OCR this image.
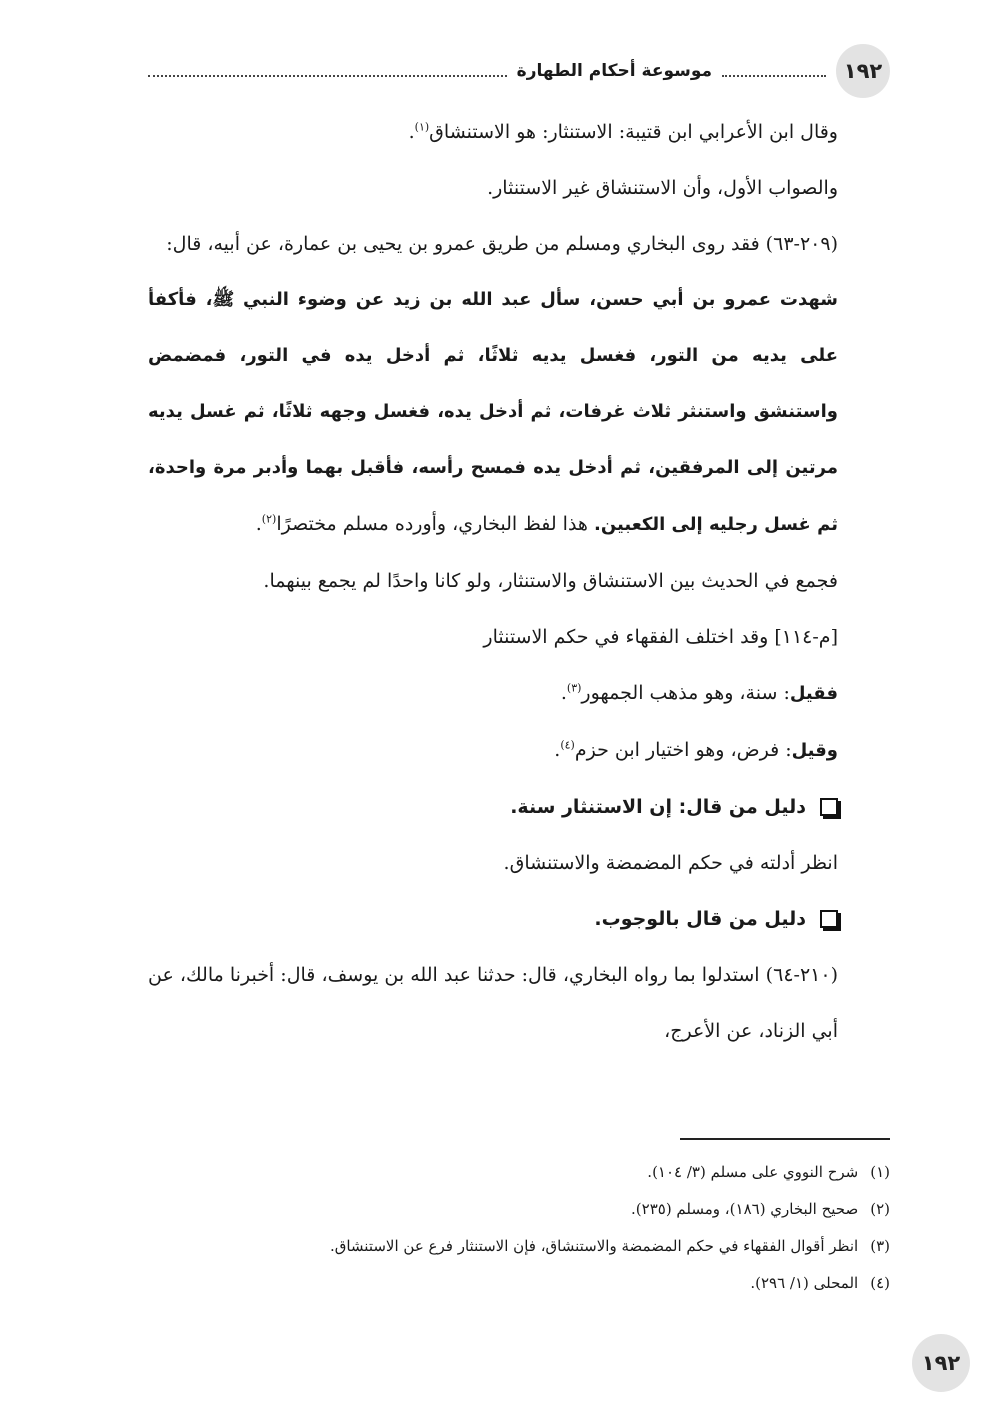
١٩٢
موسوعة أحكام الطهارة

وقال ابن الأعرابي ابن قتيبة: الاستنثار: هو الاستنشاق$^{(١)}$.

والصواب الأول، وأن الاستنشاق غير الاستنثار.

(٢٠٩-٦٣) فقد روى البخاري ومسلم من طريق عمرو بن يحيى بن عمارة، عن أبيه، قال:

شهدت عمرو بن أبي حسن، سأل عبد الله بن زيد عن وضوء النبي ﷺ، فأكفأ على يديه من التور، فغسل يديه ثلاثًا، ثم أدخل يده في التور، فمضمض واستنشق واستنثر ثلاث غرفات، ثم أدخل يده، فغسل وجهه ثلاثًا، ثم غسل يديه مرتين إلى المرفقين، ثم أدخل يده فمسح رأسه، فأقبل بهما وأدبر مرة واحدة، ثم غسل رجليه إلى الكعبين. هذا لفظ البخاري، وأورده مسلم مختصرًا$^{(٢)}$.

فجمع في الحديث بين الاستنشاق والاستنثار، ولو كانا واحدًا لم يجمع بينهما.

[م-١١٤] وقد اختلف الفقهاء في حكم الاستنثار

فقيل: سنة، وهو مذهب الجمهور$^{(٣)}$.

وقيل: فرض، وهو اختيار ابن حزم$^{(٤)}$.

دليل من قال: إن الاستنثار سنة.

انظر أدلته في حكم المضمضة والاستنشاق.

دليل من قال بالوجوب.

(٢١٠-٦٤) استدلوا بما رواه البخاري، قال: حدثنا عبد الله بن يوسف، قال: أخبرنا مالك، عن أبي الزناد، عن الأعرج،

(١)
شرح النووي على مسلم (٣/ ١٠٤).
(٢)
صحيح البخاري (١٨٦)، ومسلم (٢٣٥).
(٣)
انظر أقوال الفقهاء في حكم المضمضة والاستنشاق، فإن الاستنثار فرع عن الاستنشاق.
(٤)
المحلى (١/ ٢٩٦).
١٩٢
